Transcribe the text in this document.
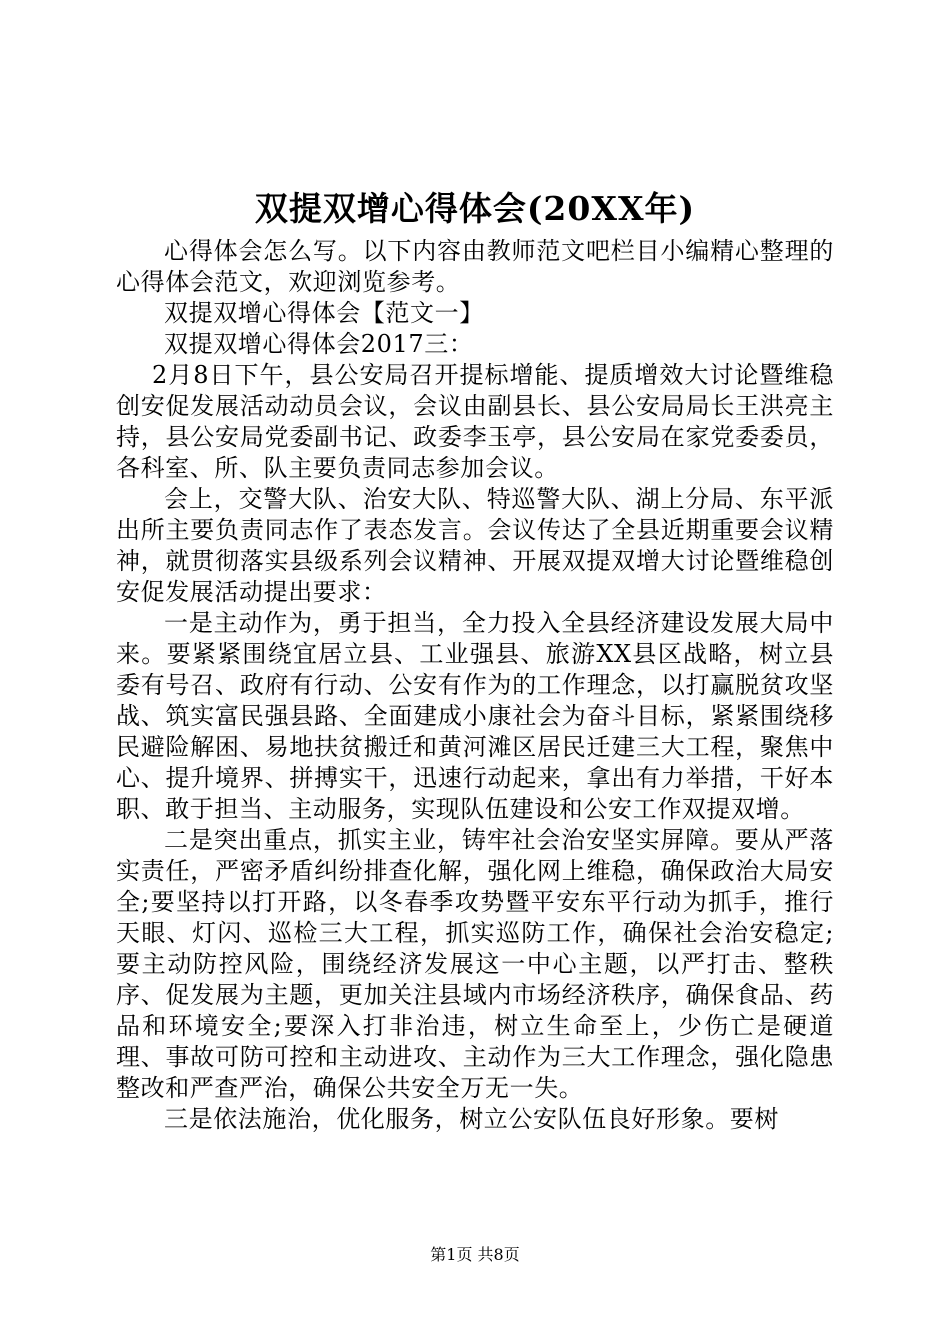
双提双增心得体会(20XX年)

心得体会怎么写。以下内容由教师范文吧栏目小编精心整理的心得体会范文，欢迎浏览参考。

双提双增心得体会【范文一】

双提双增心得体会2017三：

2月8日下午，县公安局召开提标增能、提质增效大讨论暨维稳创安促发展活动动员会议，会议由副县长、县公安局局长王洪亮主持，县公安局党委副书记、政委李玉亭，县公安局在家党委委员，各科室、所、队主要负责同志参加会议。

会上，交警大队、治安大队、特巡警大队、湖上分局、东平派出所主要负责同志作了表态发言。会议传达了全县近期重要会议精神，就贯彻落实县级系列会议精神、开展双提双增大讨论暨维稳创安促发展活动提出要求：

一是主动作为，勇于担当，全力投入全县经济建设发展大局中来。要紧紧围绕宜居立县、工业强县、旅游XX县区战略，树立县委有号召、政府有行动、公安有作为的工作理念，以打赢脱贫攻坚战、筑实富民强县路、全面建成小康社会为奋斗目标，紧紧围绕移民避险解困、易地扶贫搬迁和黄河滩区居民迁建三大工程，聚焦中心、提升境界、拼搏实干，迅速行动起来，拿出有力举措，干好本职、敢于担当、主动服务，实现队伍建设和公安工作双提双增。

二是突出重点，抓实主业，铸牢社会治安坚实屏障。要从严落实责任，严密矛盾纠纷排查化解，强化网上维稳，确保政治大局安全;要坚持以打开路，以冬春季攻势暨平安东平行动为抓手，推行天眼、灯闪、巡检三大工程，抓实巡防工作，确保社会治安稳定;要主动防控风险，围绕经济发展这一中心主题，以严打击、整秩序、促发展为主题，更加关注县域内市场经济秩序，确保食品、药品和环境安全;要深入打非治违，树立生命至上，少伤亡是硬道理、事故可防可控和主动进攻、主动作为三大工作理念，强化隐患整改和严查严治，确保公共安全万无一失。

三是依法施治，优化服务，树立公安队伍良好形象。要树

第1页 共8页
